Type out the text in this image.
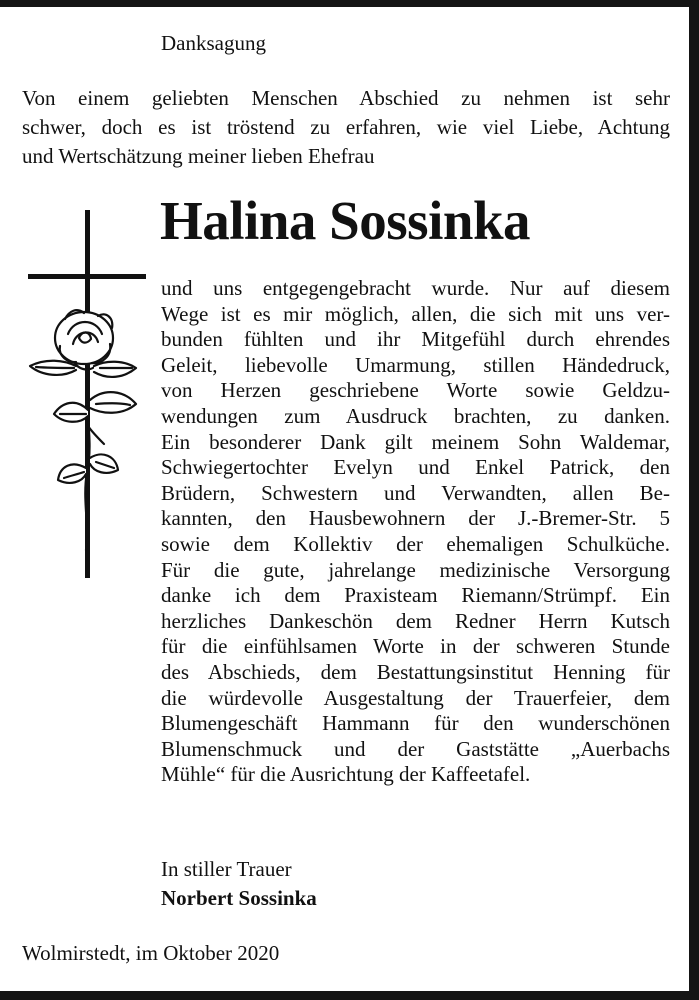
Danksagung
Von einem geliebten Menschen Abschied zu nehmen ist sehr
schwer, doch es ist tröstend zu erfahren, wie viel Liebe, Achtung
und Wertschätzung meiner lieben Ehefrau
Halina Sossinka
und uns entgegengebracht wurde. Nur auf diesem
Wege ist es mir möglich, allen, die sich mit uns ver-
bunden fühlten und ihr Mitgefühl durch ehrendes
Geleit, liebevolle Umarmung, stillen Händedruck,
von Herzen geschriebene Worte sowie Geldzu-
wendungen zum Ausdruck brachten, zu danken.
Ein besonderer Dank gilt meinem Sohn Waldemar,
Schwiegertochter Evelyn und Enkel Patrick, den
Brüdern, Schwestern und Verwandten, allen Be-
kannten, den Hausbewohnern der J.-Bremer-Str. 5
sowie dem Kollektiv der ehemaligen Schulküche.
Für die gute, jahrelange medizinische Versorgung
danke ich dem Praxisteam Riemann/Strümpf. Ein
herzliches Dankeschön dem Redner Herrn Kutsch
für die einfühlsamen Worte in der schweren Stunde
des Abschieds, dem Bestattungsinstitut Henning für
die würdevolle Ausgestaltung der Trauerfeier, dem
Blumengeschäft Hammann für den wunderschönen
Blumenschmuck und der Gaststätte „Auerbachs
Mühle“ für die Ausrichtung der Kaffeetafel.
In stiller Trauer
Norbert Sossinka
Wolmirstedt, im Oktober 2020
